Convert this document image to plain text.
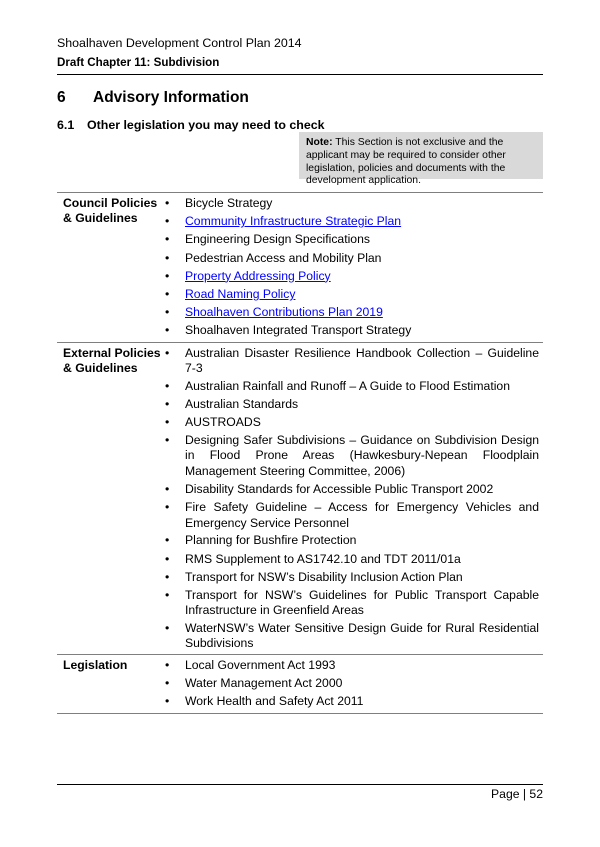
Shoalhaven Development Control Plan 2014
Draft Chapter 11: Subdivision
6 Advisory Information
6.1 Other legislation you may need to check
Note: This Section is not exclusive and the applicant may be required to consider other legislation, policies and documents with the development application.
Council Policies & Guidelines
•	Bicycle Strategy
•	Community Infrastructure Strategic Plan
•	Engineering Design Specifications
•	Pedestrian Access and Mobility Plan
•	Property Addressing Policy
•	Road Naming Policy
•	Shoalhaven Contributions Plan 2019
•	Shoalhaven Integrated Transport Strategy
External Policies & Guidelines
•	Australian Disaster Resilience Handbook Collection – Guideline 7-3
•	Australian Rainfall and Runoff – A Guide to Flood Estimation
•	Australian Standards
•	AUSTROADS
•	Designing Safer Subdivisions – Guidance on Subdivision Design in Flood Prone Areas (Hawkesbury-Nepean Floodplain Management Steering Committee, 2006)
•	Disability Standards for Accessible Public Transport 2002
•	Fire Safety Guideline – Access for Emergency Vehicles and Emergency Service Personnel
•	Planning for Bushfire Protection
•	RMS Supplement to AS1742.10 and TDT 2011/01a
•	Transport for NSW’s Disability Inclusion Action Plan
•	Transport for NSW’s Guidelines for Public Transport Capable Infrastructure in Greenfield Areas
•	WaterNSW’s Water Sensitive Design Guide for Rural Residential Subdivisions
Legislation	•	Local Government Act 1993
•	Water Management Act 2000
•	Work Health and Safety Act 2011
Page | 52
